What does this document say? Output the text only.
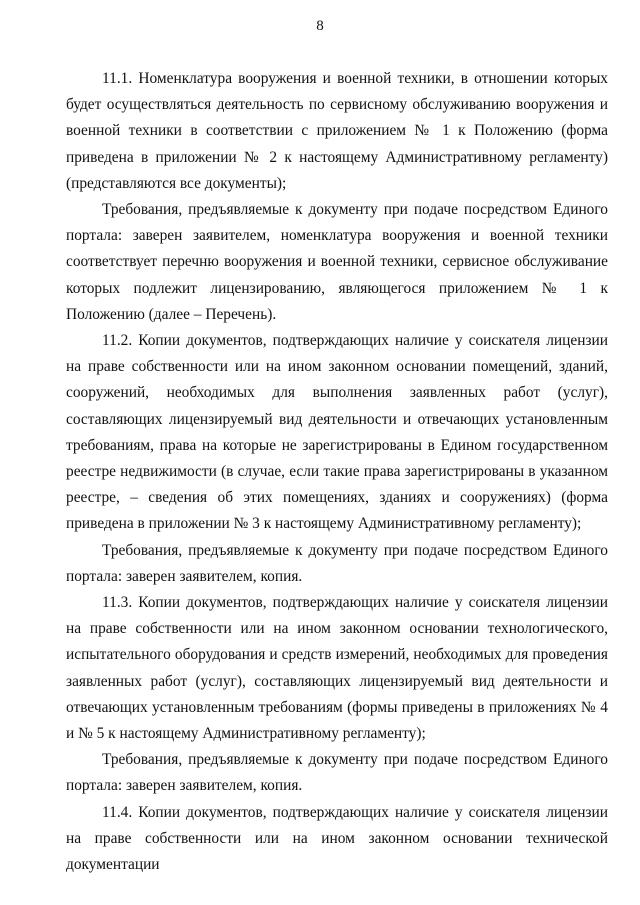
8

11.1. Номенклатура вооружения и военной техники, в отношении которых будет осуществляться деятельность по сервисному обслуживанию вооружения и военной техники в соответствии с приложением № 1 к Положению (форма приведена в приложении № 2 к настоящему Административному регламенту) (представляются все документы);

Требования, предъявляемые к документу при подаче посредством Единого портала: заверен заявителем, номенклатура вооружения и военной техники соответствует перечню вооружения и военной техники, сервисное обслуживание которых подлежит лицензированию, являющегося приложением № 1 к Положению (далее – Перечень).

11.2. Копии документов, подтверждающих наличие у соискателя лицензии на праве собственности или на ином законном основании помещений, зданий, сооружений, необходимых для выполнения заявленных работ (услуг), составляющих лицензируемый вид деятельности и отвечающих установленным требованиям, права на которые не зарегистрированы в Едином государственном реестре недвижимости (в случае, если такие права зарегистрированы в указанном реестре, – сведения об этих помещениях, зданиях и сооружениях) (форма приведена в приложении № 3 к настоящему Административному регламенту);

Требования, предъявляемые к документу при подаче посредством Единого портала: заверен заявителем, копия.

11.3. Копии документов, подтверждающих наличие у соискателя лицензии на праве собственности или на ином законном основании технологического, испытательного оборудования и средств измерений, необходимых для проведения заявленных работ (услуг), составляющих лицензируемый вид деятельности и отвечающих установленным требованиям (формы приведены в приложениях № 4 и № 5 к настоящему Административному регламенту);

Требования, предъявляемые к документу при подаче посредством Единого портала: заверен заявителем, копия.

11.4. Копии документов, подтверждающих наличие у соискателя лицензии на праве собственности или на ином законном основании технической документации
